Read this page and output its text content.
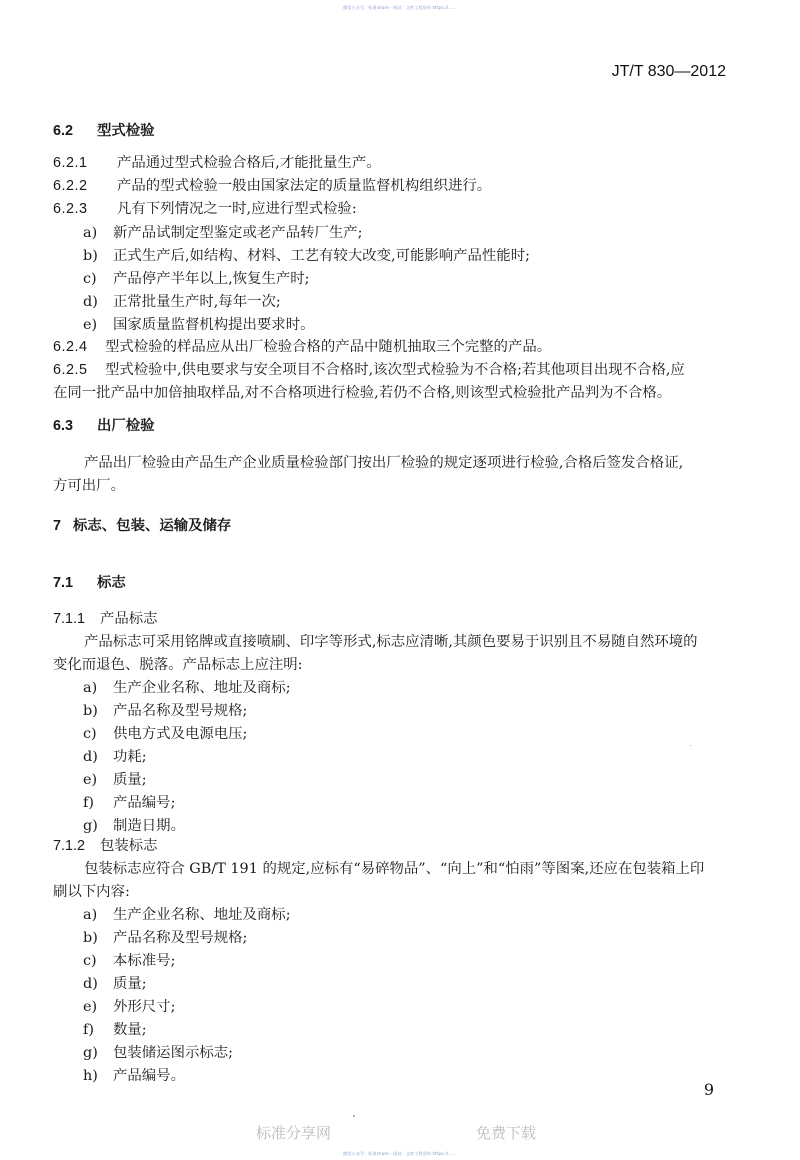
微信公众号：标准share · 网站：文库工程资料 https://……
JT/T 830—2012
6.2 型式检验
6.2.1 产品通过型式检验合格后,才能批量生产。
6.2.2 产品的型式检验一般由国家法定的质量监督机构组织进行。
6.2.3 凡有下列情况之一时,应进行型式检验:
a) 新产品试制定型鉴定或老产品转厂生产;
b) 正式生产后,如结构、材料、工艺有较大改变,可能影响产品性能时;
c) 产品停产半年以上,恢复生产时;
d) 正常批量生产时,每年一次;
e) 国家质量监督机构提出要求时。
6.2.4 型式检验的样品应从出厂检验合格的产品中随机抽取三个完整的产品。
6.2.5 型式检验中,供电要求与安全项目不合格时,该次型式检验为不合格;若其他项目出现不合格,应
在同一批产品中加倍抽取样品,对不合格项进行检验,若仍不合格,则该型式检验批产品判为不合格。
6.3 出厂检验
产品出厂检验由产品生产企业质量检验部门按出厂检验的规定逐项进行检验,合格后签发合格证,
方可出厂。
7 标志、包装、运输及储存
7.1 标志
7.1.1 产品标志
产品标志可采用铭牌或直接喷刷、印字等形式,标志应清晰,其颜色要易于识别且不易随自然环境的
变化而退色、脱落。产品标志上应注明:
a) 生产企业名称、地址及商标;
b) 产品名称及型号规格;
c) 供电方式及电源电压;
d) 功耗;
e) 质量;
f) 产品编号;
g) 制造日期。
7.1.2 包装标志
包装标志应符合 GB/T 191 的规定,应标有“易碎物品”、“向上”和“怕雨”等图案,还应在包装箱上印
刷以下内容:
a) 生产企业名称、地址及商标;
b) 产品名称及型号规格;
c) 本标准号;
d) 质量;
e) 外形尺寸;
f) 数量;
g) 包装储运图示标志;
h) 产品编号。
9
标准分享网	免费下载
微信公众号：标准share · 网站：文库工程资料 https://……
